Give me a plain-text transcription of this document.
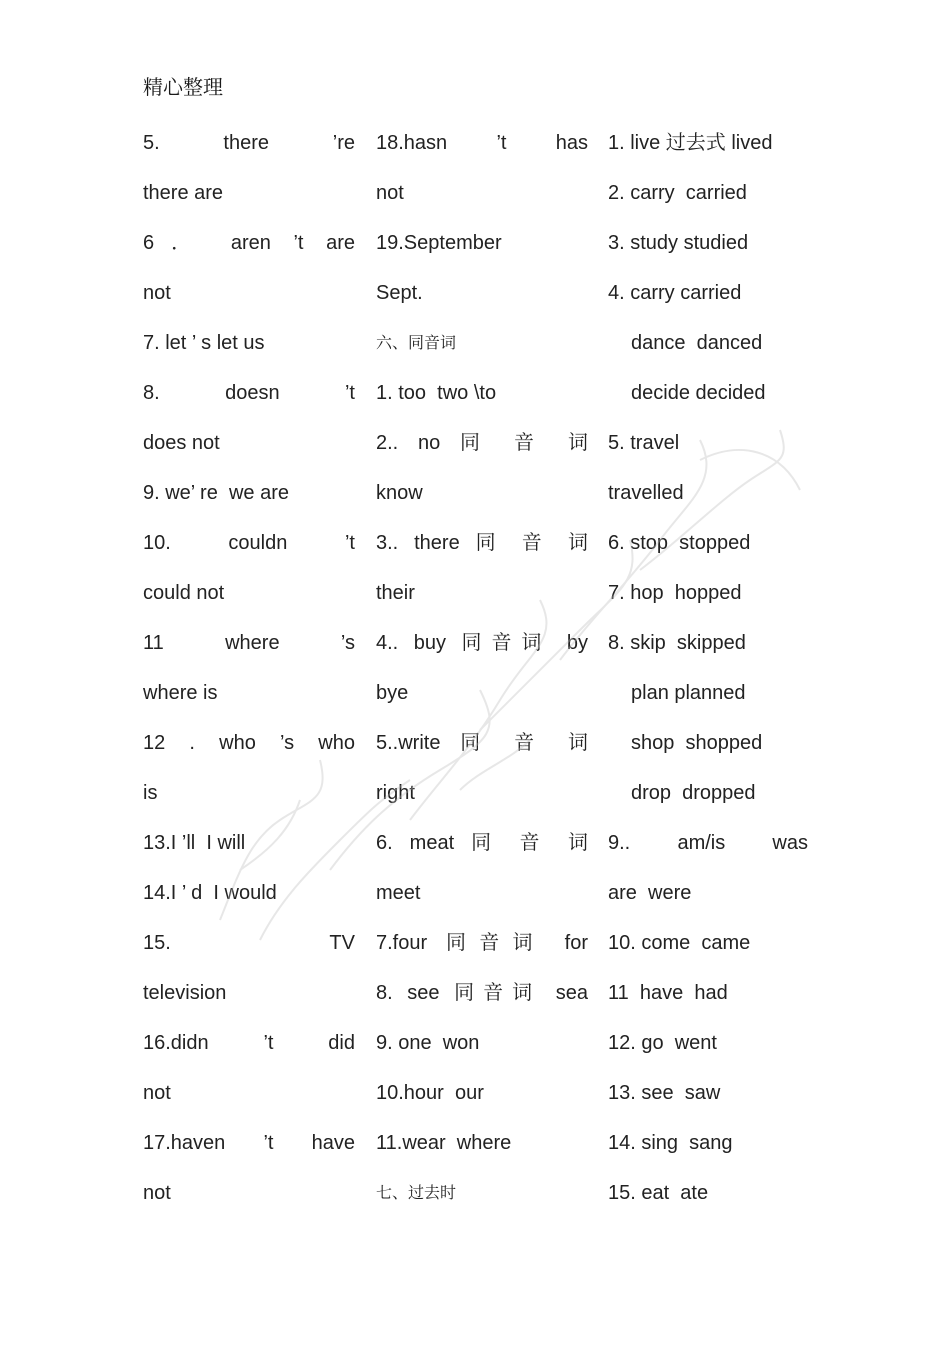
精心整理
5. there ’re
there are
6． aren ’t are
not
7. let ’ s let us
8. doesn ’t
does not
9. we’ re  we are
10. couldn ’t
could not
11 where ’s
where is
12 . who ’s who
is
13.I ’ll  I will
14.I ’ d  I would
15. TV
television
16.didn ’t did
not
17.haven ’t have
not
18.hasn ’t has
not
19.September
Sept.
六、同音词
1. too  two \to
2.. no 同 音 词
know
3.. there 同 音 词
their
4.. buy 同音词 by
bye
5..write 同 音 词
right
6. meat 同 音 词
meet
7.four 同音词 for
8. see 同音词 sea
9. one  won
10.hour  our
11.wear  where
七、过去时
1. live 过去式 lived
2. carry  carried
3. study studied
4. carry carried
dance  danced
decide decided
5. travel
travelled
6. stop  stopped
7. hop  hopped
8. skip  skipped
plan planned
shop  shopped
drop  dropped
9.. am/is was
are  were
10. come  came
11  have  had
12. go  went
13. see  saw
14. sing  sang
15. eat  ate
